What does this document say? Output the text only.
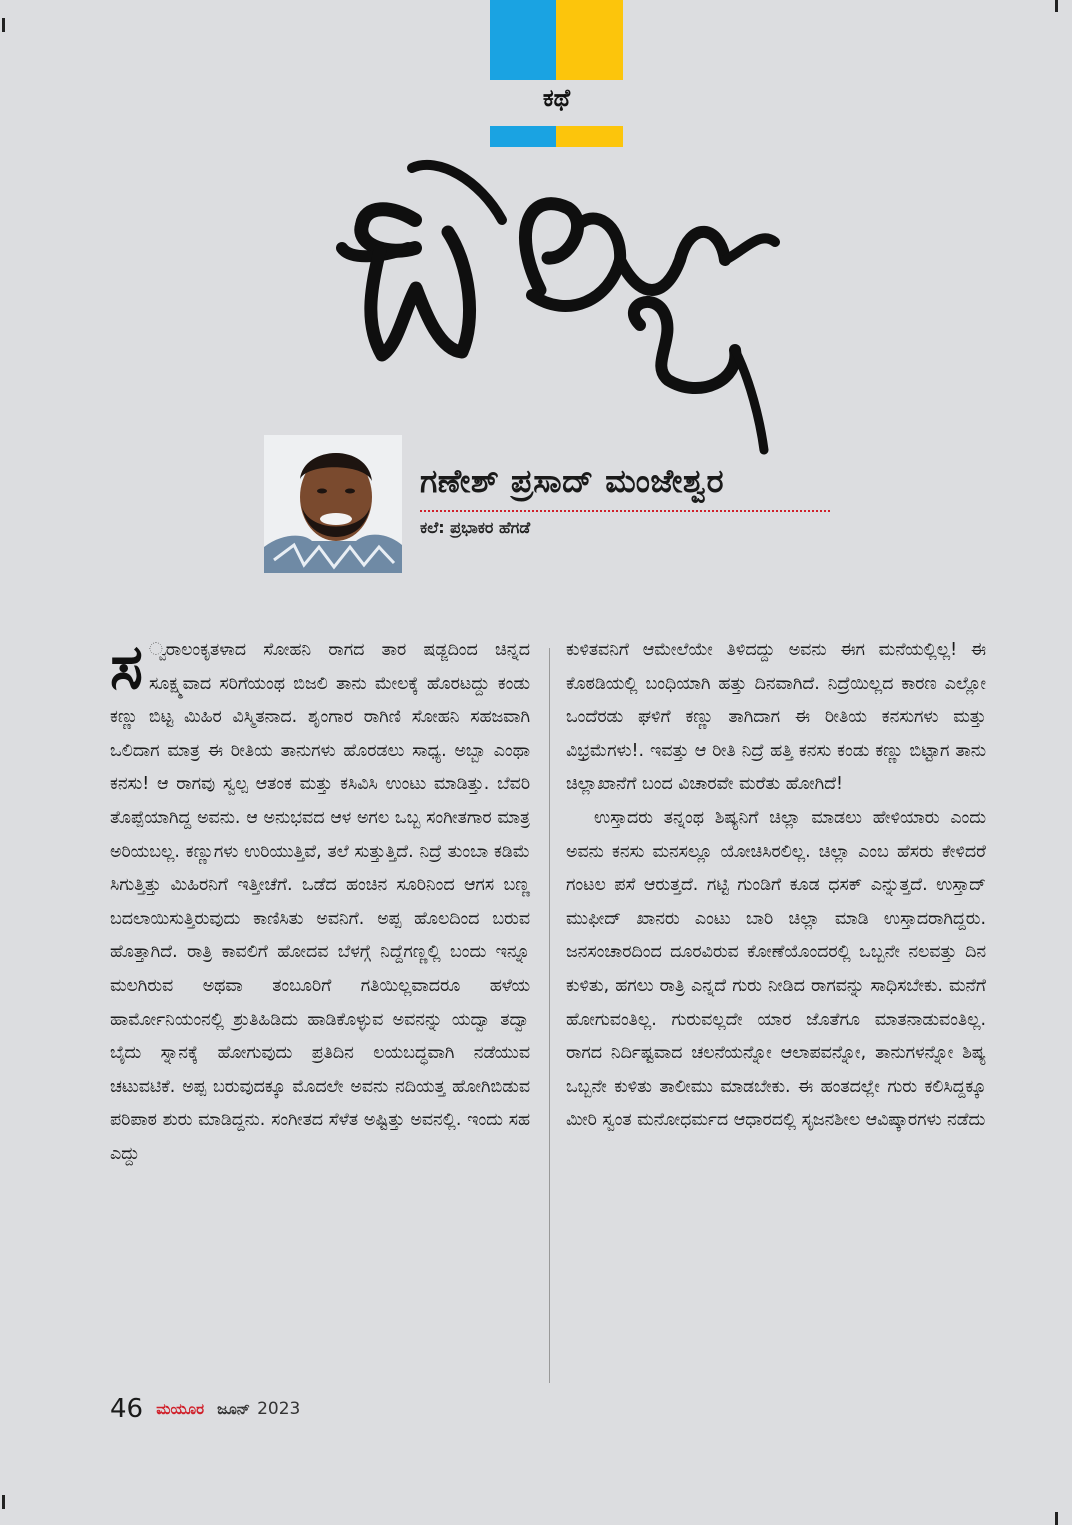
ಕಥೆ
ಗಣೇಶ್ ಪ್ರಸಾದ್ ಮಂಜೇಶ್ವರ
ಕಲೆ: ಪ್ರಭಾಕರ ಹೆಗಡೆ

ಸ ್ವರಾಲಂಕೃತಳಾದ ಸೋಹನಿ ರಾಗದ ತಾರ ಷಡ್ಜದಿಂದ ಚಿನ್ನದ ಸೂಕ್ಷ್ಮವಾದ ಸರಿಗೆಯಂಥ ಬಿಜಲಿ ತಾನು ಮೇಲಕ್ಕೆ ಹೊರಟದ್ದು ಕಂಡು ಕಣ್ಣು ಬಿಟ್ಟ ಮಿಹಿರ ವಿಸ್ಮಿತನಾದ. ಶೃಂಗಾರ ರಾಗಿಣಿ ಸೋಹನಿ ಸಹಜವಾಗಿ ಒಲಿದಾಗ ಮಾತ್ರ ಈ ರೀತಿಯ ತಾನುಗಳು ಹೊರಡಲು ಸಾಧ್ಯ. ಅಬ್ಬಾ ಎಂಥಾ ಕನಸು! ಆ ರಾಗವು ಸ್ವಲ್ಪ ಆತಂಕ ಮತ್ತು ಕಸಿವಿಸಿ ಉಂಟು ಮಾಡಿತ್ತು. ಬೆವರಿ ತೊಪ್ಪೆಯಾಗಿದ್ದ ಅವನು. ಆ ಅನುಭವದ ಆಳ ಅಗಲ ಒಬ್ಬ ಸಂಗೀತಗಾರ ಮಾತ್ರ ಅರಿಯಬಲ್ಲ. ಕಣ್ಣುಗಳು ಉರಿಯುತ್ತಿವೆ, ತಲೆ ಸುತ್ತುತ್ತಿದೆ. ನಿದ್ರೆ ತುಂಬಾ ಕಡಿಮೆ ಸಿಗುತ್ತಿತ್ತು ಮಿಹಿರನಿಗೆ ಇತ್ತೀಚೆಗೆ. ಒಡೆದ ಹಂಚಿನ ಸೂರಿನಿಂದ ಆಗಸ ಬಣ್ಣ ಬದಲಾಯಿಸುತ್ತಿರುವುದು ಕಾಣಿಸಿತು ಅವನಿಗೆ. ಅಪ್ಪ ಹೊಲದಿಂದ ಬರುವ ಹೊತ್ತಾಗಿದೆ. ರಾತ್ರಿ ಕಾವಲಿಗೆ ಹೋದವ ಬೆಳಗ್ಗೆ ನಿದ್ದೆಗಣ್ಣಲ್ಲಿ ಬಂದು ಇನ್ನೂ ಮಲಗಿರುವ ಅಥವಾ ತಂಬೂರಿಗೆ ಗತಿಯಿಲ್ಲವಾದರೂ ಹಳೆಯ ಹಾರ್ಮೋನಿಯಂನಲ್ಲಿ ಶ್ರುತಿಹಿಡಿದು ಹಾಡಿಕೊಳ್ಳುವ ಅವನನ್ನು ಯದ್ವಾ ತದ್ವಾ ಬೈದು ಸ್ನಾನಕ್ಕೆ ಹೋಗುವುದು ಪ್ರತಿದಿನ ಲಯಬದ್ಧವಾಗಿ ನಡೆಯುವ ಚಟುವಟಿಕೆ. ಅಪ್ಪ ಬರುವುದಕ್ಕೂ ಮೊದಲೇ ಅವನು ನದಿಯತ್ತ ಹೋಗಿಬಿಡುವ ಪರಿಪಾಠ ಶುರು ಮಾಡಿದ್ದನು. ಸಂಗೀತದ ಸೆಳೆತ ಅಷ್ಟಿತ್ತು ಅವನಲ್ಲಿ. ಇಂದು ಸಹ ಎದ್ದು

ಕುಳಿತವನಿಗೆ ಆಮೇಲೆಯೇ ತಿಳಿದದ್ದು ಅವನು ಈಗ ಮನೆಯಲ್ಲಿಲ್ಲ! ಈ ಕೊಠಡಿಯಲ್ಲಿ ಬಂಧಿಯಾಗಿ ಹತ್ತು ದಿನವಾಗಿದೆ. ನಿದ್ರೆಯಿಲ್ಲದ ಕಾರಣ ಎಲ್ಲೋ ಒಂದೆರಡು ಘಳಿಗೆ ಕಣ್ಣು ತಾಗಿದಾಗ ಈ ರೀತಿಯ ಕನಸುಗಳು ಮತ್ತು ವಿಭ್ರಮೆಗಳು!. ಇವತ್ತು ಆ ರೀತಿ ನಿದ್ರೆ ಹತ್ತಿ ಕನಸು ಕಂಡು ಕಣ್ಣು ಬಿಟ್ಟಾಗ ತಾನು ಚಿಲ್ಲಾಖಾನೆಗೆ ಬಂದ ವಿಚಾರವೇ ಮರೆತು ಹೋಗಿದೆ!

ಉಸ್ತಾದರು ತನ್ನಂಥ ಶಿಷ್ಯನಿಗೆ ಚಿಲ್ಲಾ ಮಾಡಲು ಹೇಳಿಯಾರು ಎಂದು ಅವನು ಕನಸು ಮನಸಲ್ಲೂ ಯೋಚಿಸಿರಲಿಲ್ಲ. ಚಿಲ್ಲಾ ಎಂಬ ಹೆಸರು ಕೇಳಿದರೆ ಗಂಟಲ ಪಸೆ ಆರುತ್ತದೆ. ಗಟ್ಟಿ ಗುಂಡಿಗೆ ಕೂಡ ಧಸಕ್ ಎನ್ನುತ್ತದೆ. ಉಸ್ತಾದ್ ಮುಫೀದ್ ಖಾನರು ಎಂಟು ಬಾರಿ ಚಿಲ್ಲಾ ಮಾಡಿ ಉಸ್ತಾದರಾಗಿದ್ದರು. ಜನಸಂಚಾರದಿಂದ ದೂರವಿರುವ ಕೋಣೆಯೊಂದರಲ್ಲಿ ಒಬ್ಬನೇ ನಲವತ್ತು ದಿನ ಕುಳಿತು, ಹಗಲು ರಾತ್ರಿ ಎನ್ನದೆ ಗುರು ನೀಡಿದ ರಾಗವನ್ನು ಸಾಧಿಸಬೇಕು. ಮನೆಗೆ ಹೋಗುವಂತಿಲ್ಲ. ಗುರುವಲ್ಲದೇ ಯಾರ ಜೊತೆಗೂ ಮಾತನಾಡುವಂತಿಲ್ಲ. ರಾಗದ ನಿರ್ದಿಷ್ಟವಾದ ಚಲನೆಯನ್ನೋ ಆಲಾಪವನ್ನೋ, ತಾನುಗಳನ್ನೋ ಶಿಷ್ಯ ಒಬ್ಬನೇ ಕುಳಿತು ತಾಲೀಮು ಮಾಡಬೇಕು. ಈ ಹಂತದಲ್ಲೇ ಗುರು ಕಲಿಸಿದ್ದಕ್ಕೂ ಮೀರಿ ಸ್ವಂತ ಮನೋಧರ್ಮದ ಆಧಾರದಲ್ಲಿ ಸೃಜನಶೀಲ ಆವಿಷ್ಕಾರಗಳು ನಡೆದು

46 ಮಯೂರ ಜೂನ್ 2023
